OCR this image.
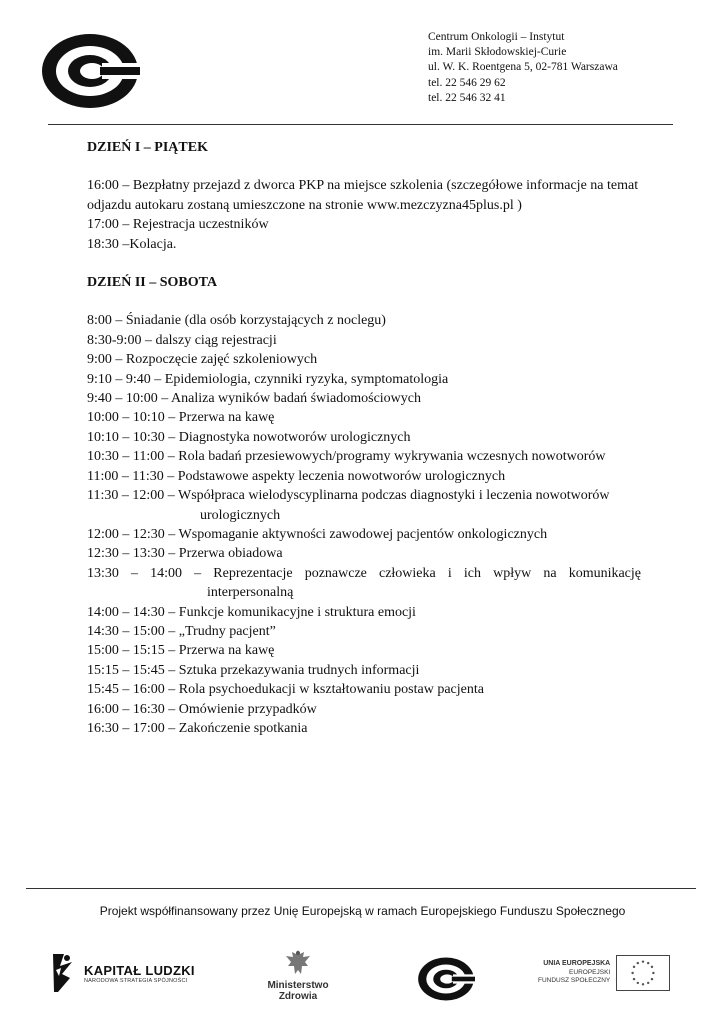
Centrum Onkologii – Instytut
im. Marii Skłodowskiej-Curie
ul. W. K. Roentgena 5, 02-781 Warszawa
tel. 22 546 29 62
tel. 22 546 32 41
DZIEŃ I – PIĄTEK
16:00 – Bezpłatny przejazd z dworca PKP na miejsce szkolenia (szczegółowe informacje na temat odjazdu autokaru zostaną umieszczone na stronie www.mezczyzna45plus.pl )
17:00 – Rejestracja uczestników
18:30 –Kolacja.
DZIEŃ II – SOBOTA
8:00 – Śniadanie (dla osób korzystających z noclegu)
8:30-9:00 – dalszy ciąg rejestracji
9:00 – Rozpoczęcie zajęć szkoleniowych
9:10 – 9:40 – Epidemiologia, czynniki ryzyka, symptomatologia
9:40 – 10:00 – Analiza wyników badań świadomościowych
10:00 – 10:10 – Przerwa na kawę
10:10 – 10:30 – Diagnostyka nowotworów urologicznych
10:30 – 11:00 – Rola badań przesiewowych/programy wykrywania wczesnych nowotworów
11:00 – 11:30 – Podstawowe aspekty leczenia nowotworów urologicznych
11:30 – 12:00 – Współpraca wielodyscyplinarna podczas diagnostyki i leczenia nowotworów
urologicznych
12:00 – 12:30 – Wspomaganie aktywności zawodowej pacjentów onkologicznych
12:30 – 13:30 – Przerwa obiadowa
13:30 – 14:00 – Reprezentacje poznawcze człowieka i ich wpływ na komunikację
interpersonalną
14:00 – 14:30 – Funkcje komunikacyjne i struktura emocji
14:30 – 15:00 – „Trudny pacjent”
15:00 – 15:15 – Przerwa na kawę
15:15 – 15:45 – Sztuka przekazywania trudnych informacji
15:45 – 16:00 – Rola psychoedukacji w kształtowaniu postaw pacjenta
16:00 – 16:30 – Omówienie przypadków
16:30 – 17:00 – Zakończenie spotkania
Projekt współfinansowany przez Unię Europejską w ramach Europejskiego Funduszu Społecznego
KAPITAŁ LUDZKI
NARODOWA STRATEGIA SPÓJNOŚCI	Ministerstwo Zdrowia
UNIA EUROPEJSKA
EUROPEJSKI
FUNDUSZ SPOŁECZNY
